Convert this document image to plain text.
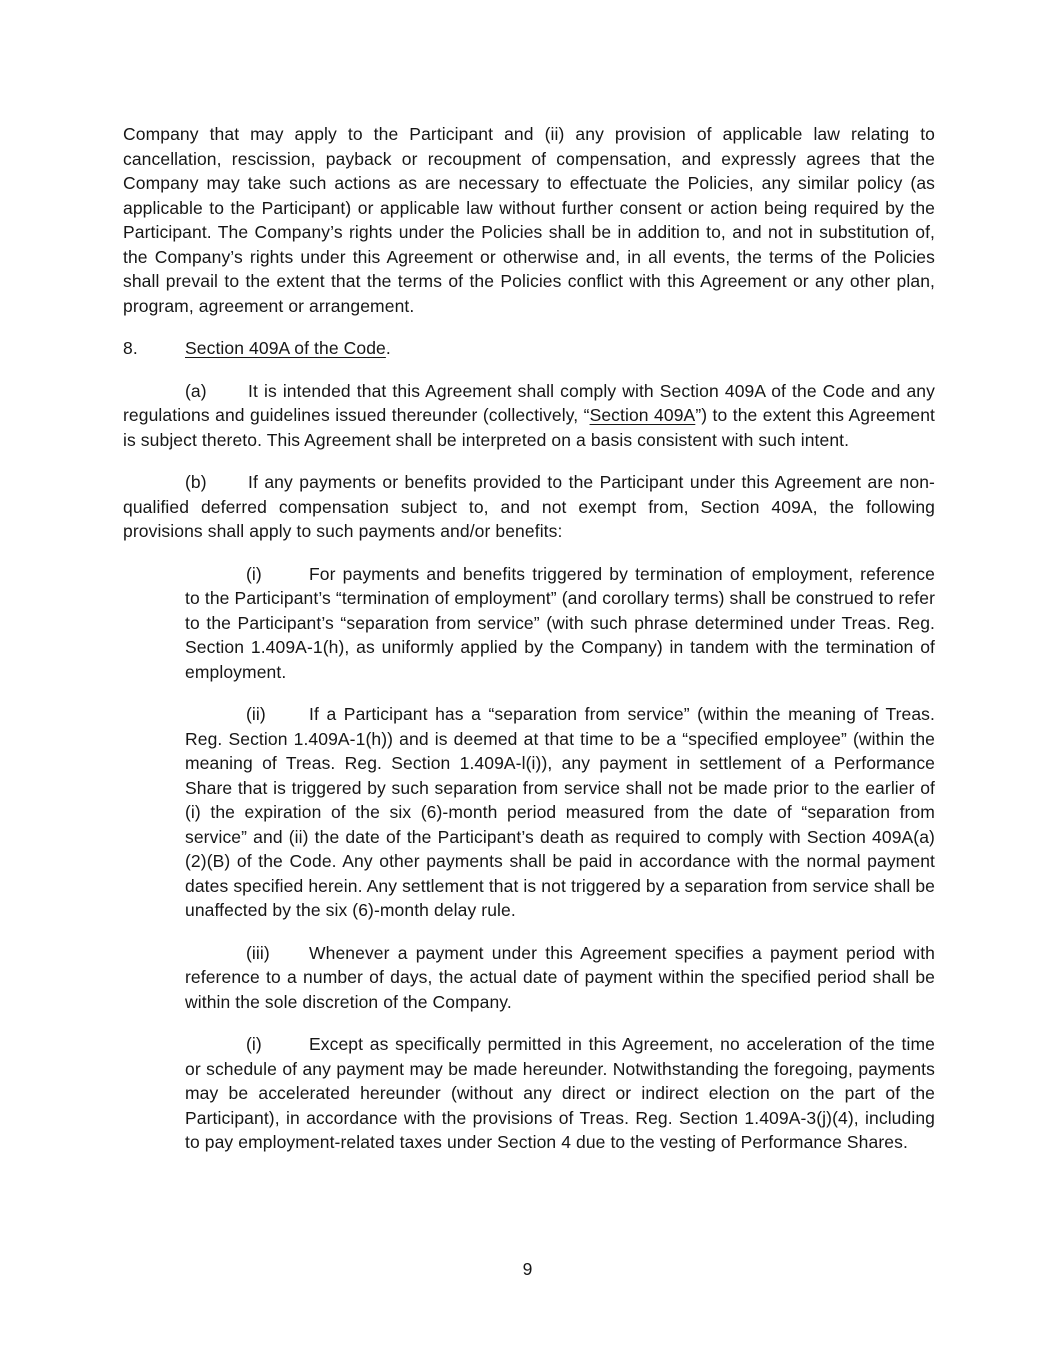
Company that may apply to the Participant and (ii) any provision of applicable law relating to cancellation, rescission, payback or recoupment of compensation, and expressly agrees that the Company may take such actions as are necessary to effectuate the Policies, any similar policy (as applicable to the Participant) or applicable law without further consent or action being required by the Participant. The Company’s rights under the Policies shall be in addition to, and not in substitution of, the Company’s rights under this Agreement or otherwise and, in all events, the terms of the Policies shall prevail to the extent that the terms of the Policies conflict with this Agreement or any other plan, program, agreement or arrangement.

8.	Section 409A of the Code.

(a) It is intended that this Agreement shall comply with Section 409A of the Code and any regulations and guidelines issued thereunder (collectively, “Section 409A”) to the extent this Agreement is subject thereto. This Agreement shall be interpreted on a basis consistent with such intent.

(b) If any payments or benefits provided to the Participant under this Agreement are non-qualified deferred compensation subject to, and not exempt from, Section 409A, the following provisions shall apply to such payments and/or benefits:

(i)	For payments and benefits triggered by termination of employment, reference to the Participant’s “termination of employment” (and corollary terms) shall be construed to refer to the Participant’s “separation from service” (with such phrase determined under Treas. Reg. Section 1.409A-1(h), as uniformly applied by the Company) in tandem with the termination of employment.

(ii) If a Participant has a “separation from service” (within the meaning of Treas. Reg. Section 1.409A-1(h)) and is deemed at that time to be a “specified employee” (within the meaning of Treas. Reg. Section 1.409A-l(i)), any payment in settlement of a Performance Share that is triggered by such separation from service shall not be made prior to the earlier of (i) the expiration of the six (6)-month period measured from the date of “separation from service” and (ii) the date of the Participant’s death as required to comply with Section 409A(a)(2)(B) of the Code. Any other payments shall be paid in accordance with the normal payment dates specified herein. Any settlement that is not triggered by a separation from service shall be unaffected by the six (6)-month delay rule.

(iii) Whenever a payment under this Agreement specifies a payment period with reference to a number of days, the actual date of payment within the specified period shall be within the sole discretion of the Company.

(i)	Except as specifically permitted in this Agreement, no acceleration of the time or schedule of any payment may be made hereunder. Notwithstanding the foregoing, payments may be accelerated hereunder (without any direct or indirect election on the part of the Participant), in accordance with the provisions of Treas. Reg. Section 1.409A-3(j)(4), including to pay employment-related taxes under Section 4 due to the vesting of Performance Shares.

9
